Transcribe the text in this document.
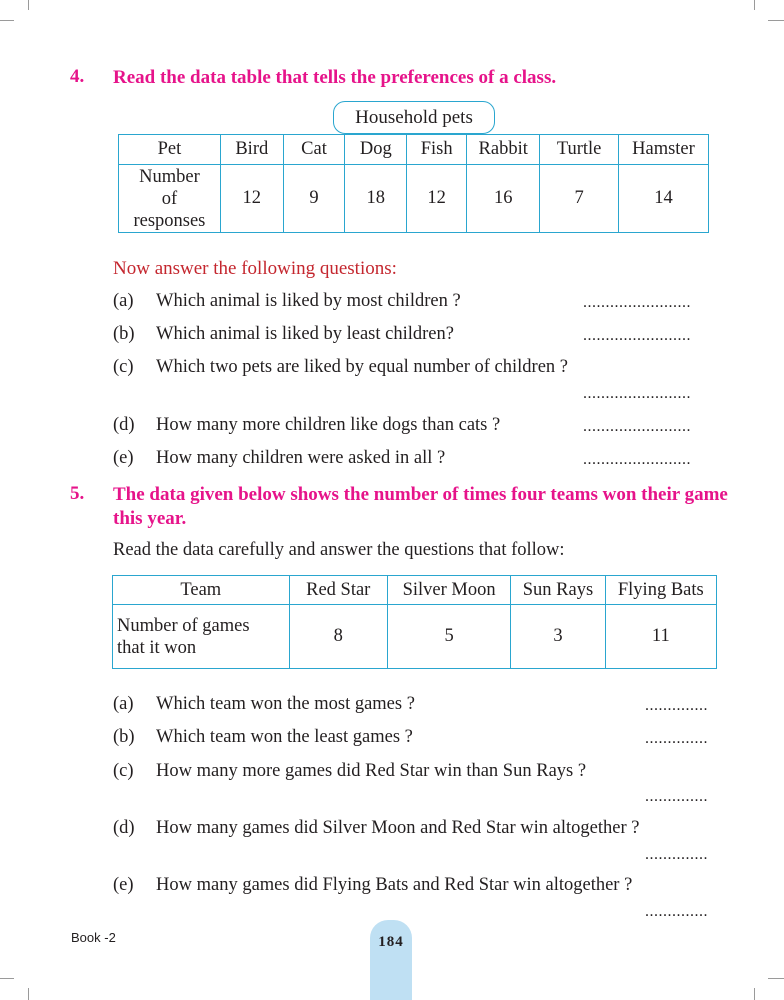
4. Read the data table that tells the preferences of a class.
Household pets
Pet	Bird	Cat	Dog	Fish	Rabbit	Turtle	Hamster

Number
of
responses	12	9	18	12	16	7	14
Now answer the following questions:
(a) Which animal is liked by most children ?	........................
(b) Which animal is liked by least children?	........................
(c) Which two pets are liked by equal number of children ?
........................
(d) How many more children like dogs than cats ?	........................
(e) How many children were asked in all ?	........................
5. The data given below shows the number of times four teams won their game this year.
Read the data carefully and answer the questions that follow:
Team	Red Star	Silver Moon	Sun Rays	Flying Bats

Number of games
that it won	8	5	3	11
(a) Which team won the most games ?	..............
(b) Which team won the least games ?	..............
(c) How many more games did Red Star win than Sun Rays ?
..............
(d) How many games did Silver Moon and Red Star win altogether ?
..............
(e) How many games did Flying Bats and Red Star win altogether ?
..............
Book -2	184
